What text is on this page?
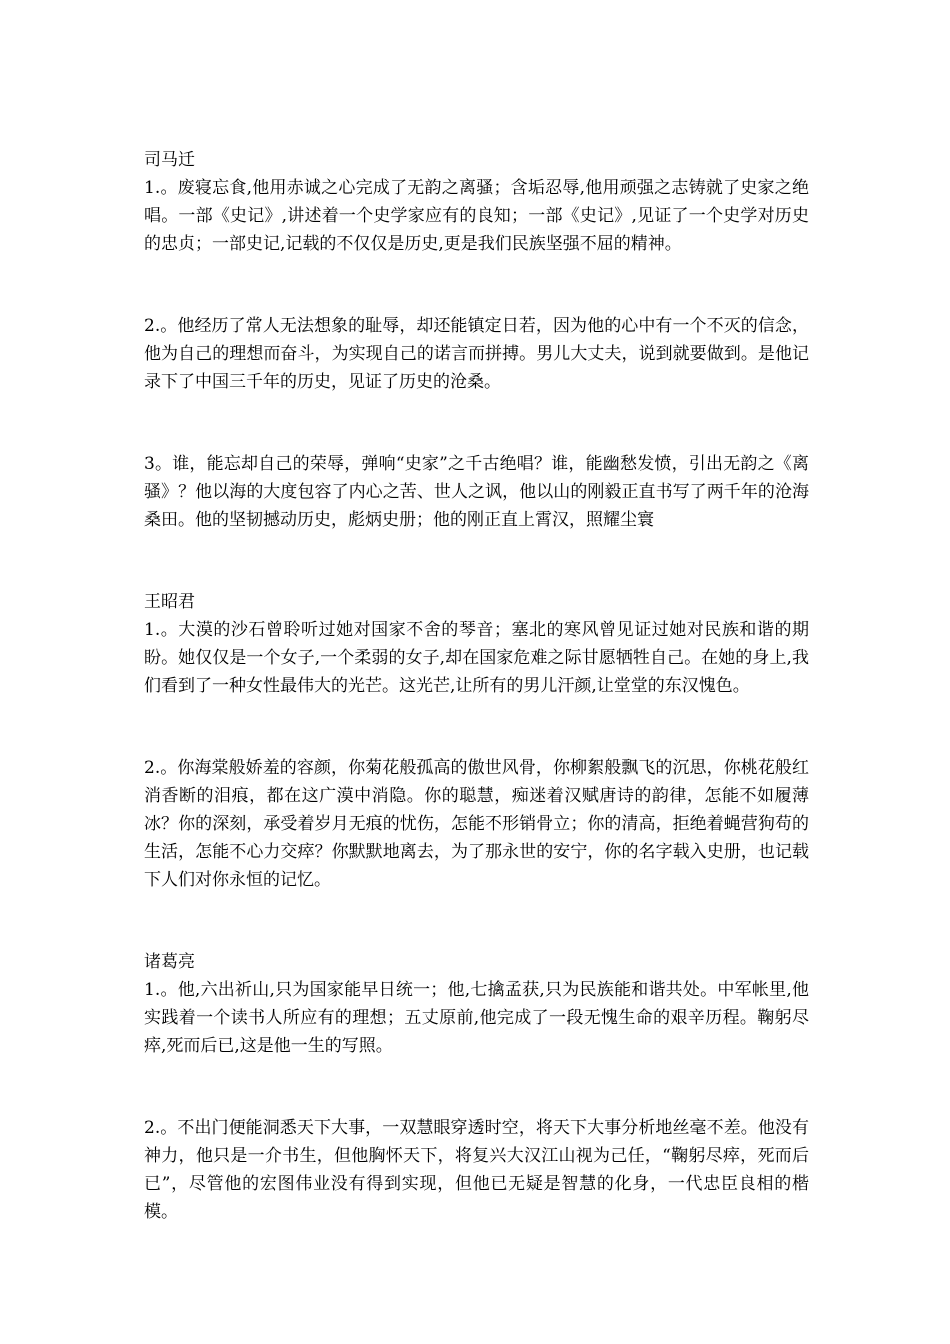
司马迁

1.。废寝忘食,他用赤诚之心完成了无韵之离骚；含垢忍辱,他用顽强之志铸就了史家之绝唱。一部《史记》,讲述着一个史学家应有的良知；一部《史记》,见证了一个史学对历史的忠贞；一部史记,记载的不仅仅是历史,更是我们民族坚强不屈的精神。

2.。他经历了常人无法想象的耻辱，却还能镇定日若，因为他的心中有一个不灭的信念，他为自己的理想而奋斗，为实现自己的诺言而拼搏。男儿大丈夫，说到就要做到。是他记录下了中国三千年的历史，见证了历史的沧桑。

3。谁，能忘却自己的荣辱，弹响“史家”之千古绝唱？谁，能幽愁发愤，引出无韵之《离骚》？他以海的大度包容了内心之苦、世人之讽，他以山的刚毅正直书写了两千年的沧海桑田。他的坚韧撼动历史，彪炳史册；他的刚正直上霄汉，照耀尘寰

王昭君

1.。大漠的沙石曾聆听过她对国家不舍的琴音；塞北的寒风曾见证过她对民族和谐的期盼。她仅仅是一个女子,一个柔弱的女子,却在国家危难之际甘愿牺牲自己。在她的身上,我们看到了一种女性最伟大的光芒。这光芒,让所有的男儿汗颜,让堂堂的东汉愧色。

2.。你海棠般娇羞的容颜，你菊花般孤高的傲世风骨，你柳絮般飘飞的沉思，你桃花般红消香断的泪痕，都在这广漠中消隐。你的聪慧，痴迷着汉赋唐诗的韵律，怎能不如履薄冰？你的深刻，承受着岁月无痕的忧伤，怎能不形销骨立；你的清高，拒绝着蝇营狗苟的生活，怎能不心力交瘁？你默默地离去，为了那永世的安宁，你的名字载入史册，也记载下人们对你永恒的记忆。

诸葛亮

1.。他,六出祈山,只为国家能早日统一；他,七擒孟获,只为民族能和谐共处。中军帐里,他实践着一个读书人所应有的理想；五丈原前,他完成了一段无愧生命的艰辛历程。鞠躬尽瘁,死而后已,这是他一生的写照。

2.。不出门便能洞悉天下大事，一双慧眼穿透时空，将天下大事分析地丝毫不差。他没有神力，他只是一介书生，但他胸怀天下，将复兴大汉江山视为己任，“鞠躬尽瘁，死而后已”，尽管他的宏图伟业没有得到实现，但他已无疑是智慧的化身，一代忠臣良相的楷模。
